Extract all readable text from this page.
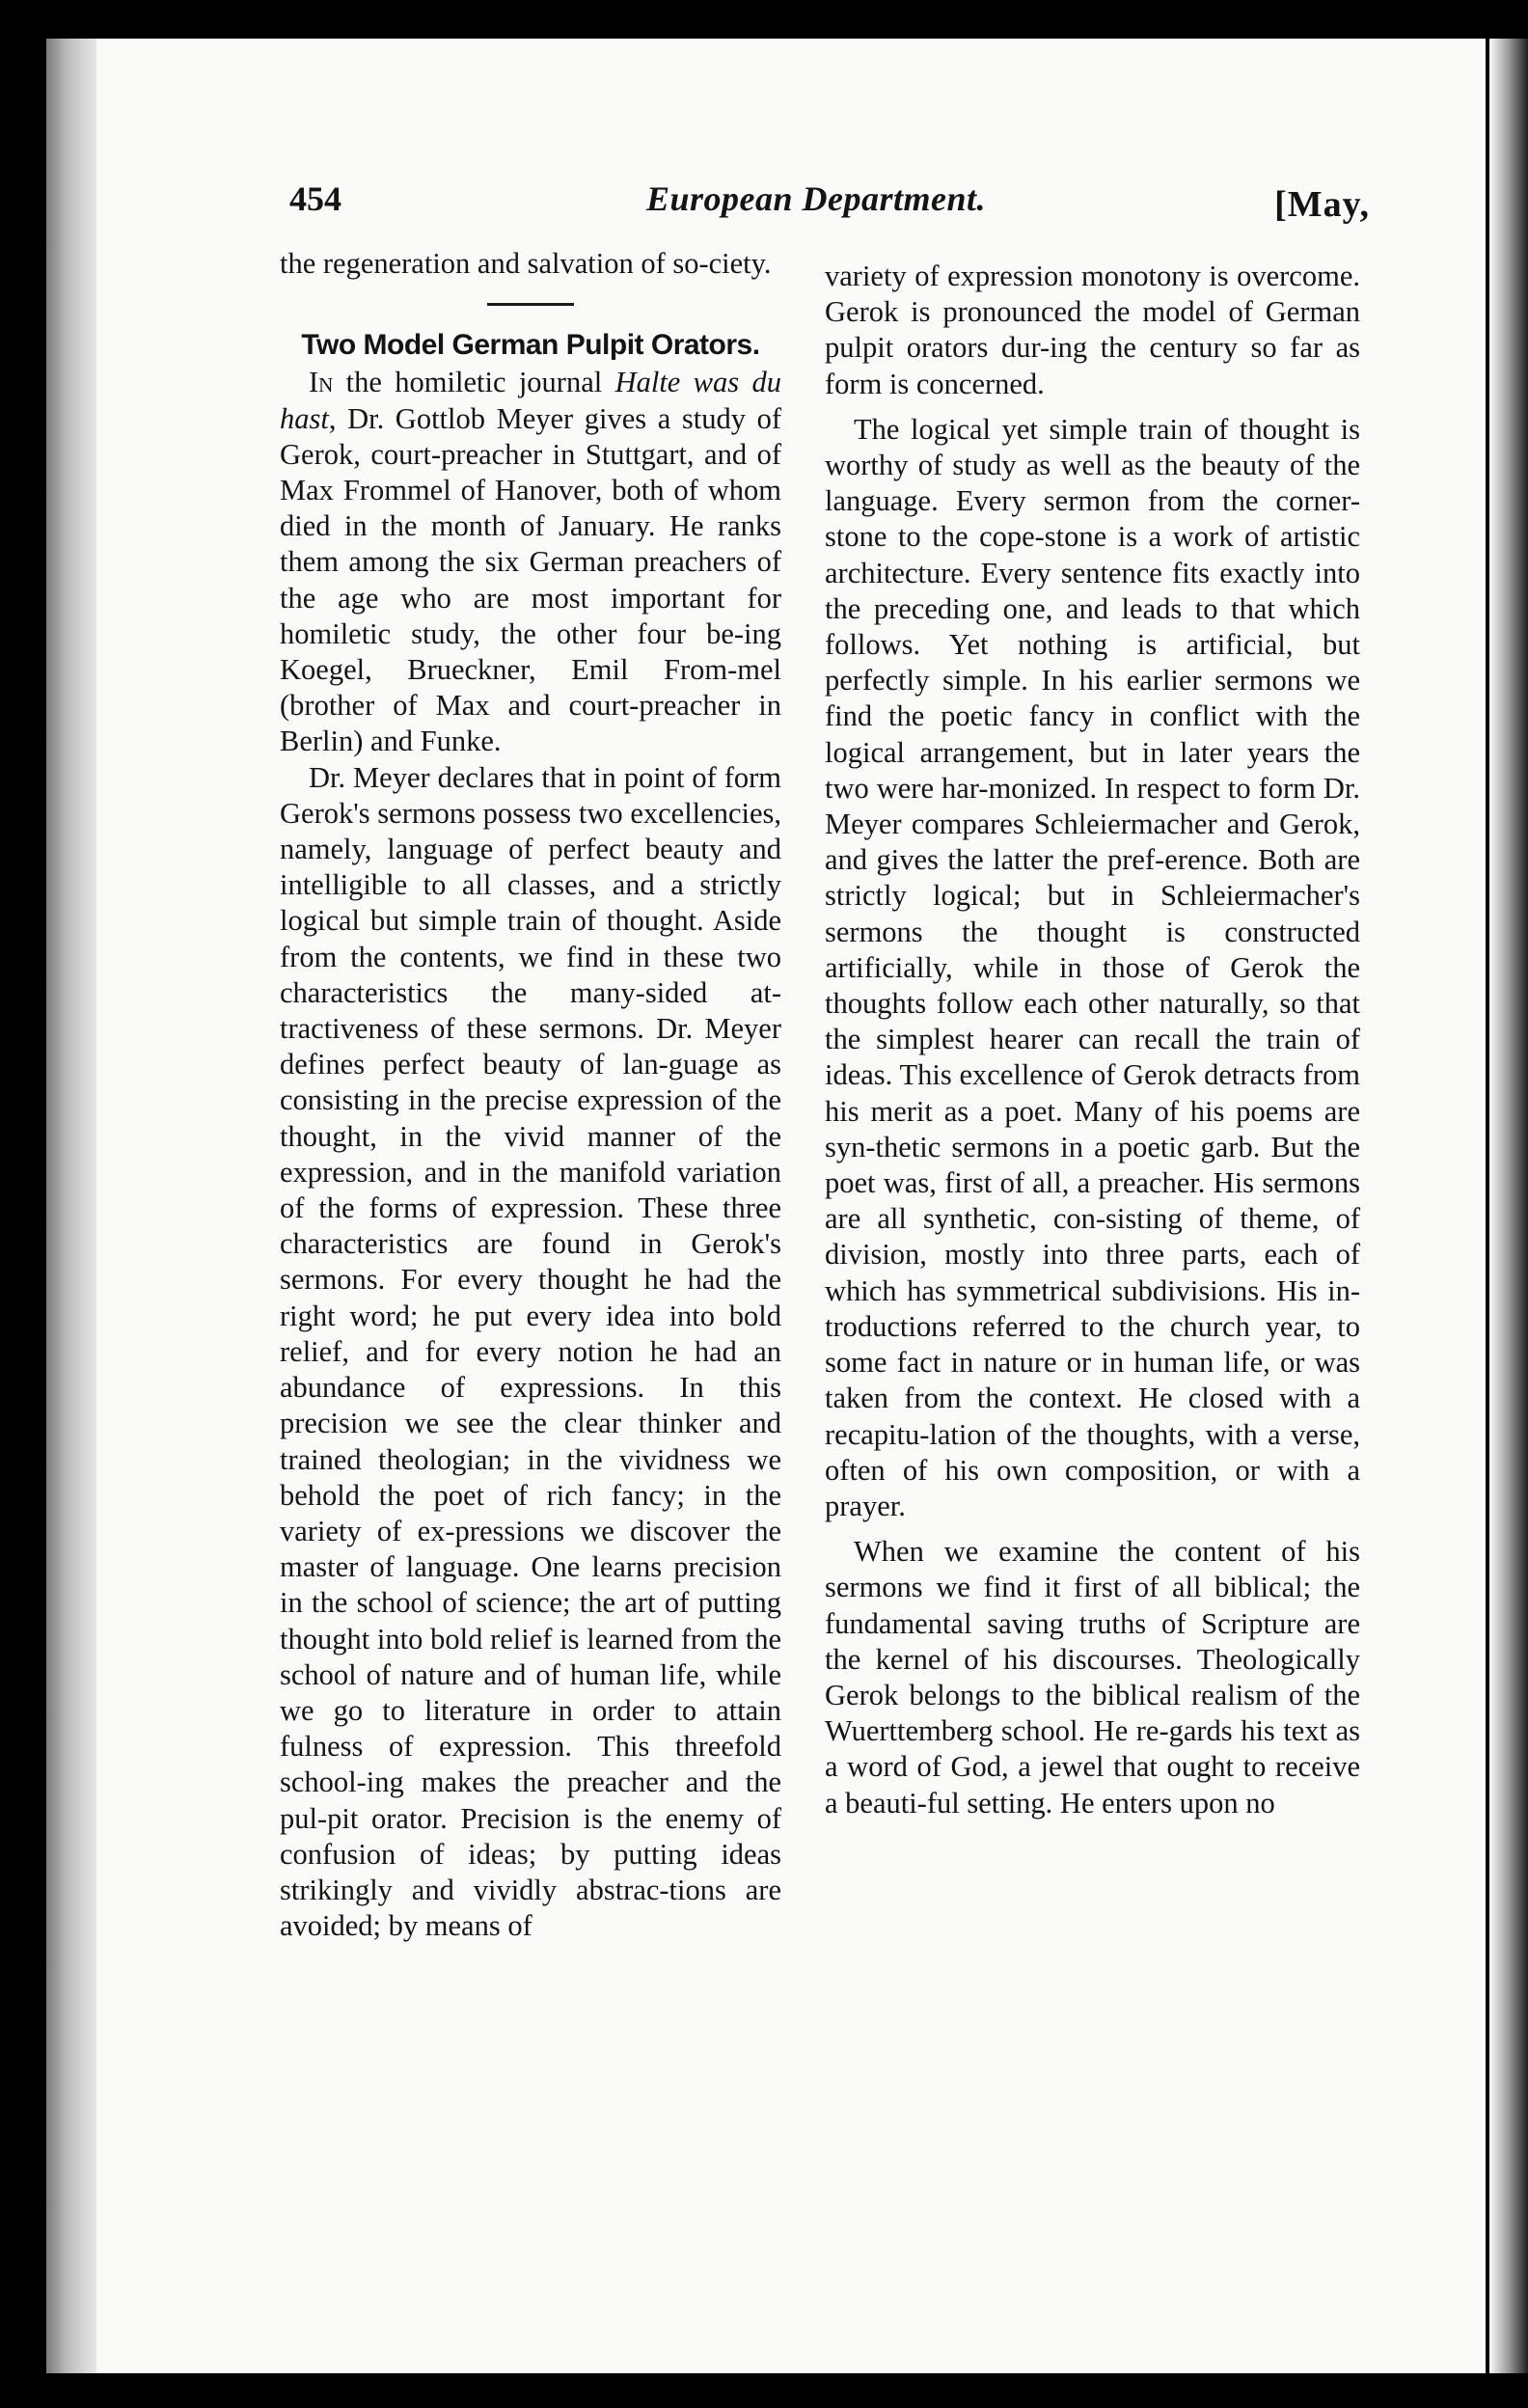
454	European Department.	[May,

the regeneration and salvation of so-ciety.

Two Model German Pulpit Orators.

In the homiletic journal Halte was du hast, Dr. Gottlob Meyer gives a study of Gerok, court-preacher in Stuttgart, and of Max Frommel of Hanover, both of whom died in the month of January. He ranks them among the six German preachers of the age who are most important for homiletic study, the other four be-ing Koegel, Brueckner, Emil From-mel (brother of Max and court-preacher in Berlin) and Funke.

Dr. Meyer declares that in point of form Gerok's sermons possess two excellencies, namely, language of perfect beauty and intelligible to all classes, and a strictly logical but simple train of thought. Aside from the contents, we find in these two characteristics the many-sided at-tractiveness of these sermons. Dr. Meyer defines perfect beauty of lan-guage as consisting in the precise expression of the thought, in the vivid manner of the expression, and in the manifold variation of the forms of expression. These three characteristics are found in Gerok's sermons. For every thought he had the right word; he put every idea into bold relief, and for every notion he had an abundance of expressions. In this precision we see the clear thinker and trained theologian; in the vividness we behold the poet of rich fancy; in the variety of ex-pressions we discover the master of language. One learns precision in the school of science; the art of putting thought into bold relief is learned from the school of nature and of human life, while we go to literature in order to attain fulness of expression. This threefold school-ing makes the preacher and the pul-pit orator. Precision is the enemy of confusion of ideas; by putting ideas strikingly and vividly abstrac-tions are avoided; by means of

variety of expression monotony is overcome. Gerok is pronounced the model of German pulpit orators dur-ing the century so far as form is concerned.

The logical yet simple train of thought is worthy of study as well as the beauty of the language. Every sermon from the corner-stone to the cope-stone is a work of artistic architecture. Every sentence fits exactly into the preceding one, and leads to that which follows. Yet nothing is artificial, but perfectly simple. In his earlier sermons we find the poetic fancy in conflict with the logical arrangement, but in later years the two were har-monized. In respect to form Dr. Meyer compares Schleiermacher and Gerok, and gives the latter the pref-erence. Both are strictly logical; but in Schleiermacher's sermons the thought is constructed artificially, while in those of Gerok the thoughts follow each other naturally, so that the simplest hearer can recall the train of ideas. This excellence of Gerok detracts from his merit as a poet. Many of his poems are syn-thetic sermons in a poetic garb. But the poet was, first of all, a preacher. His sermons are all synthetic, con-sisting of theme, of division, mostly into three parts, each of which has symmetrical subdivisions. His in-troductions referred to the church year, to some fact in nature or in human life, or was taken from the context. He closed with a recapitu-lation of the thoughts, with a verse, often of his own composition, or with a prayer.

When we examine the content of his sermons we find it first of all biblical; the fundamental saving truths of Scripture are the kernel of his discourses. Theologically Gerok belongs to the biblical realism of the Wuerttemberg school. He re-gards his text as a word of God, a jewel that ought to receive a beauti-ful setting. He enters upon no
